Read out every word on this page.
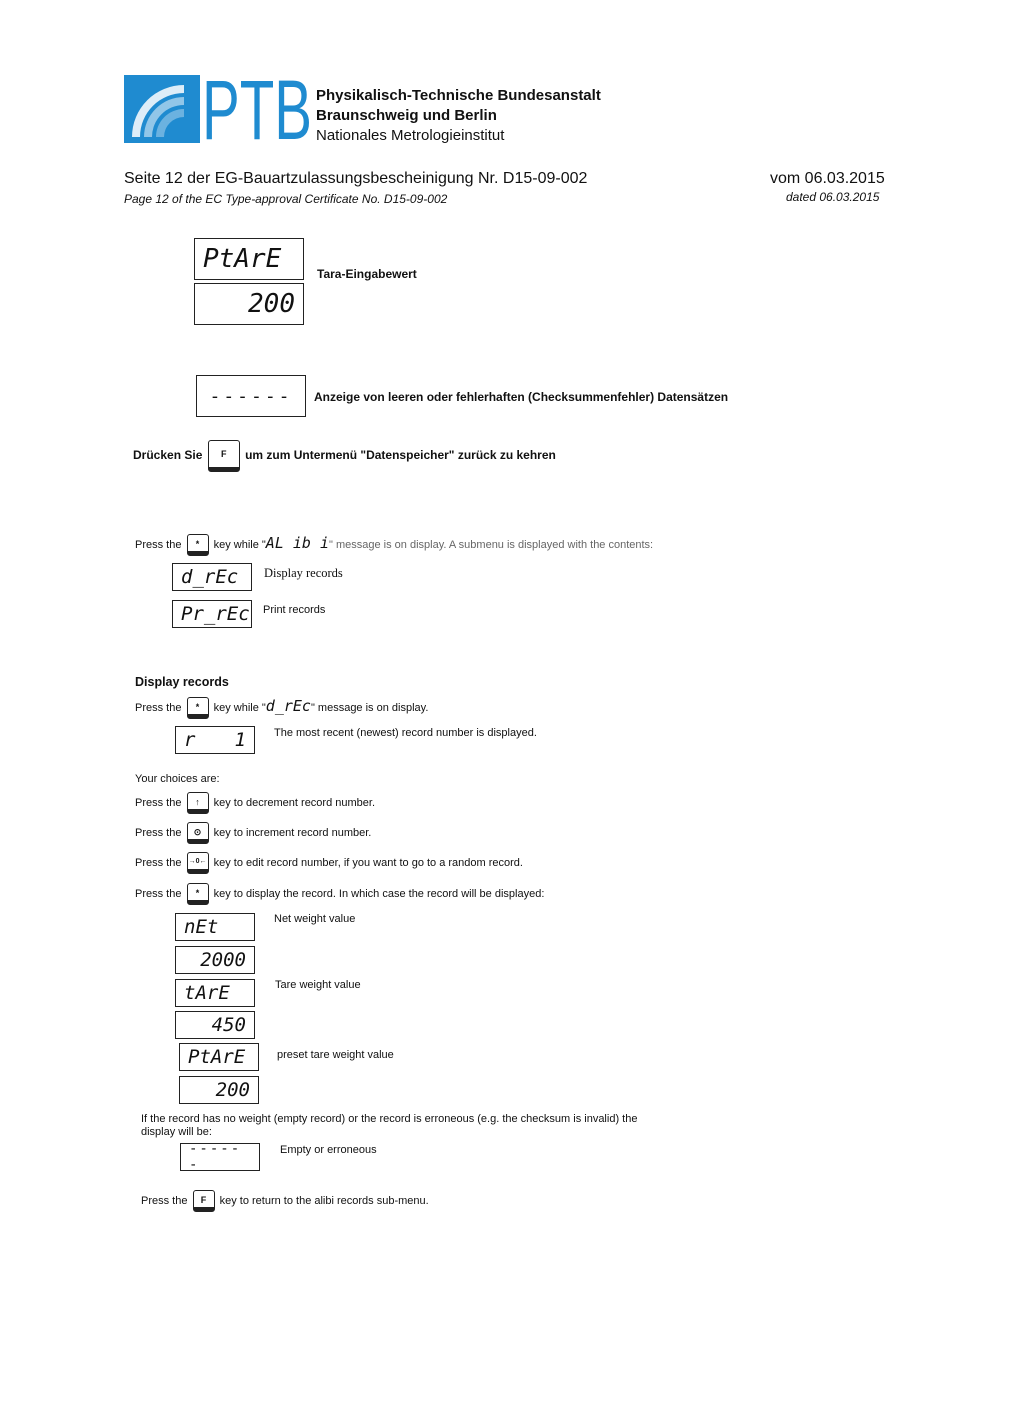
PTB Physikalisch-Technische Bundesanstalt
Braunschweig und Berlin
Nationales Metrologieinstitut
Seite 12 der EG-Bauartzulassungsbescheinigung Nr. D15-09-002
Page 12 of the EC Type-approval Certificate No. D15-09-002
vom 06.03.2015
dated 06.03.2015
PtArE
200
Tara-Eingabewert
------	Anzeige von leeren oder fehlerhaften (Checksummenfehler) Datensätzen
Drücken Sie F um zum Untermenü "Datenspeicher" zurück zu kehren
Press the * key while "AL ib i" message is on display. A submenu is displayed with the contents:
d_rEc	Display records
Pr_rEc Print records
Display records
Press the * key while "d_rEc" message is on display.
r 1	The most recent (newest) record number is displayed.
Your choices are:
Press the ↑ key to decrement record number.
Press the ⊙ key to increment record number.
Press the →0← key to edit record number, if you want to go to a random record.
Press the * key to display the record. In which case the record will be displayed:
nEt	Net weight value
2000
tArE	Tare weight value
450
PtArE	preset tare weight value
200
If the record has no weight (empty record) or the record is erroneous (e.g. the checksum is invalid) the
display will be:
------
Empty or erroneous
Press the F key to return to the alibi records sub-menu.
